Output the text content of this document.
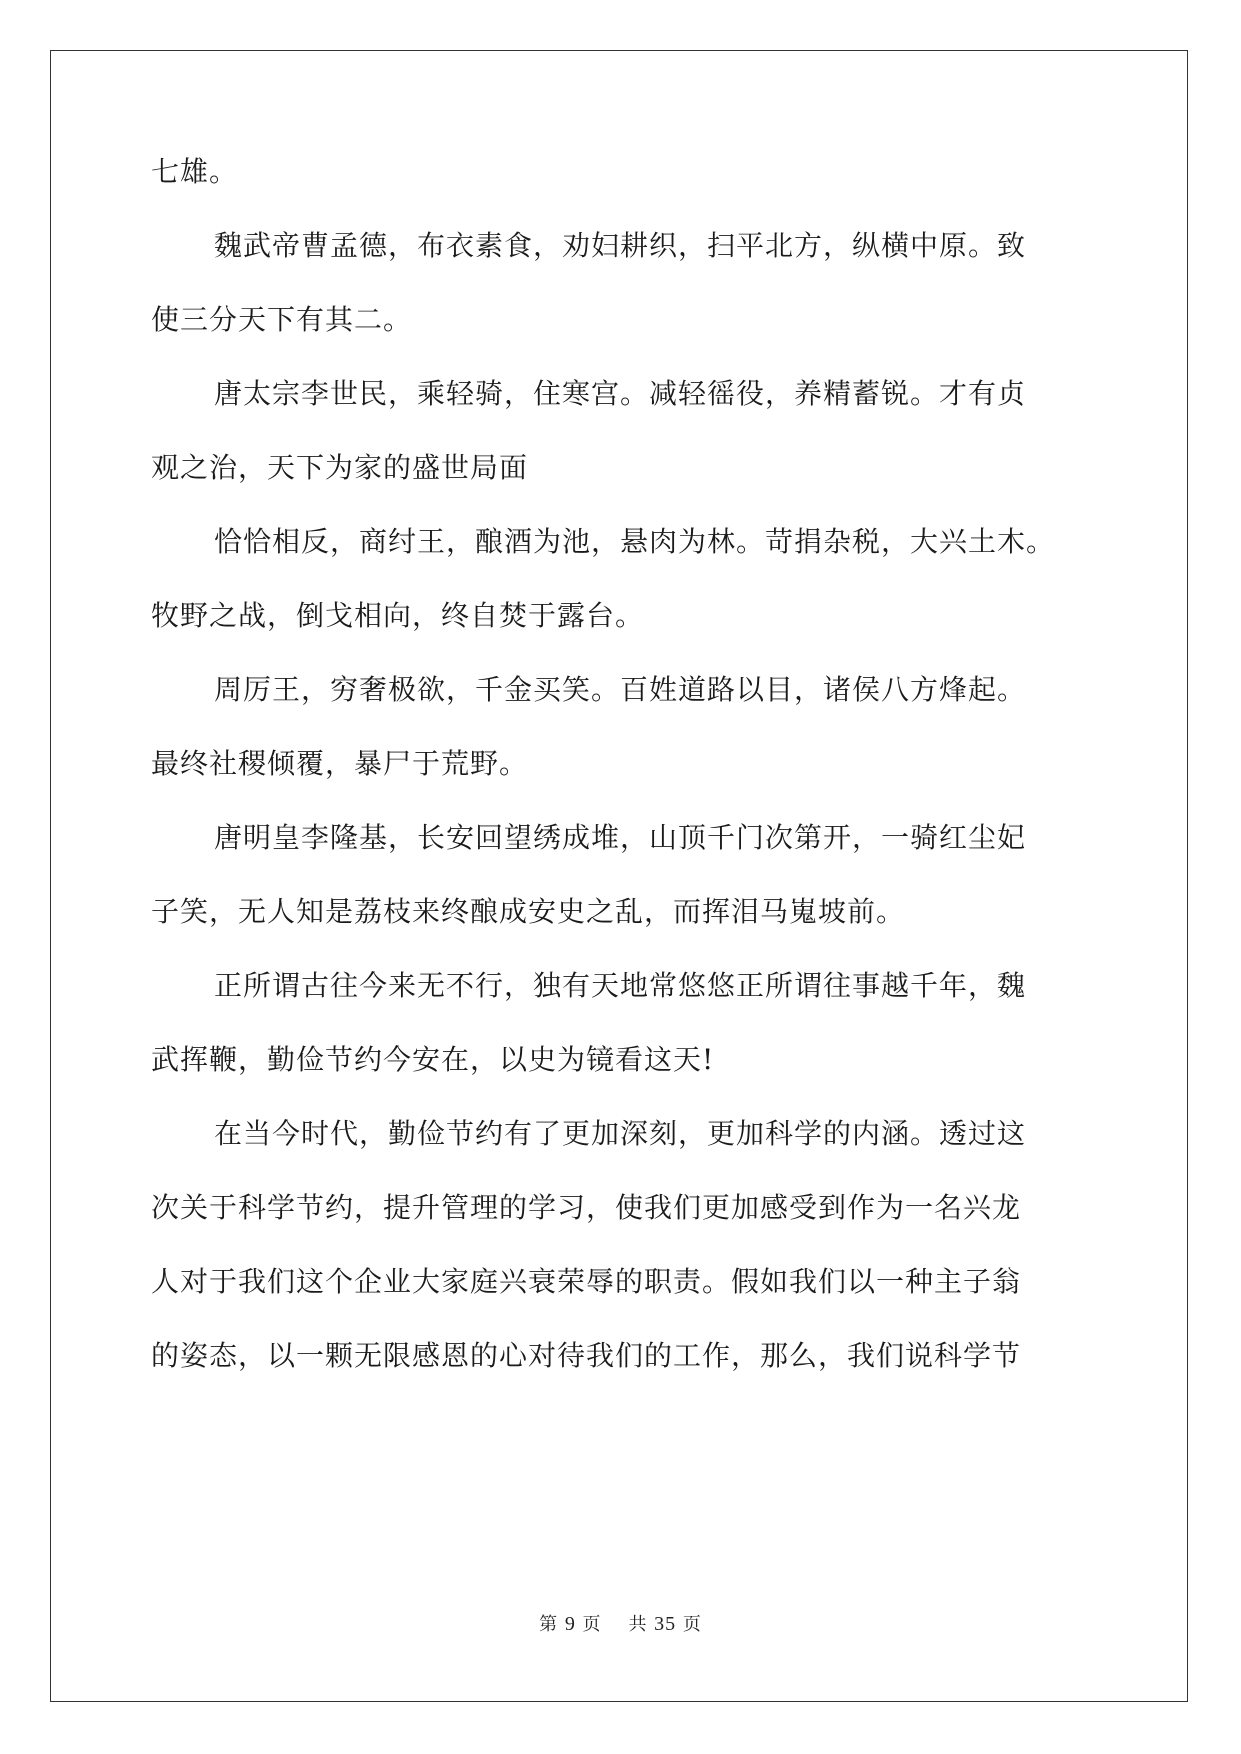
七雄。
魏武帝曹孟德，布衣素食，劝妇耕织，扫平北方，纵横中原。致
使三分天下有其二。
唐太宗李世民，乘轻骑，住寒宫。减轻徭役，养精蓄锐。才有贞
观之治，天下为家的盛世局面
恰恰相反，商纣王，酿酒为池，悬肉为林。苛捐杂税，大兴土木。
牧野之战，倒戈相向，终自焚于露台。
周厉王，穷奢极欲，千金买笑。百姓道路以目，诸侯八方烽起。
最终社稷倾覆，暴尸于荒野。
唐明皇李隆基，长安回望绣成堆，山顶千门次第开，一骑红尘妃
子笑，无人知是荔枝来终酿成安史之乱，而挥泪马嵬坡前。
正所谓古往今来无不行，独有天地常悠悠正所谓往事越千年，魏
武挥鞭，勤俭节约今安在，以史为镜看这天!
在当今时代，勤俭节约有了更加深刻，更加科学的内涵。透过这
次关于科学节约，提升管理的学习，使我们更加感受到作为一名兴龙
人对于我们这个企业大家庭兴衰荣辱的职责。假如我们以一种主子翁
的姿态，以一颗无限感恩的心对待我们的工作，那么，我们说科学节
第 9 页 共 35 页
